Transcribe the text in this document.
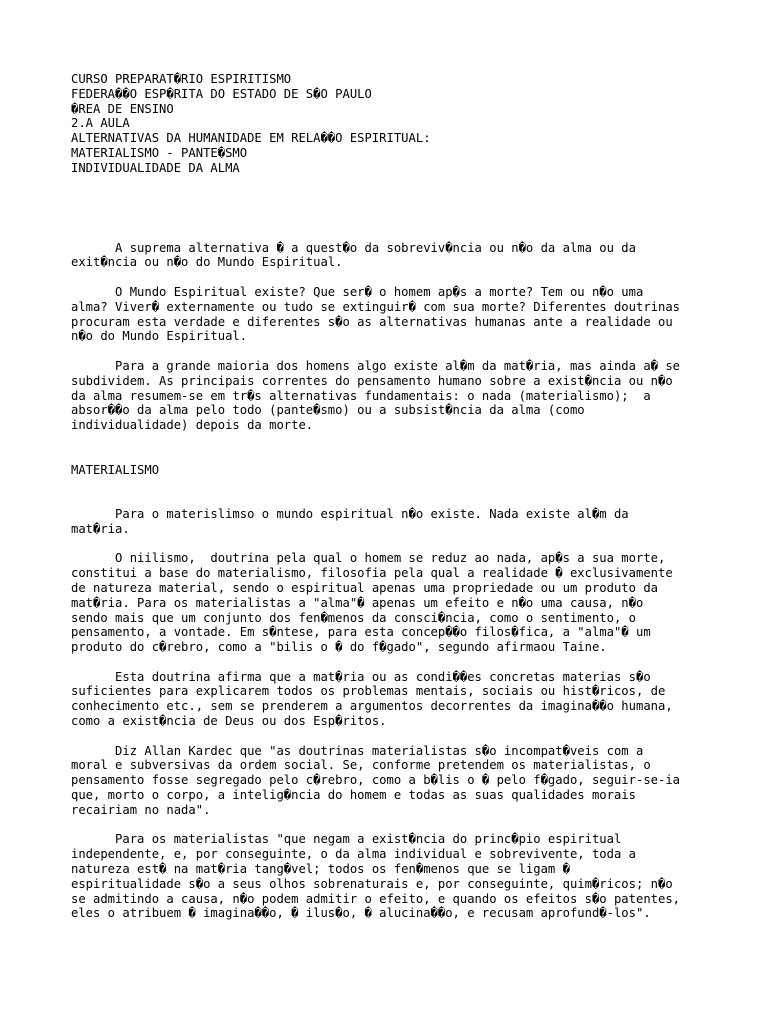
CURSO PREPARAT�RIO ESPIRITISMO
FEDERA��O ESP�RITA DO ESTADO DE S�O PAULO
�REA DE ENSINO
2.A AULA
ALTERNATIVAS DA HUMANIDADE EM RELA��O ESPIRITUAL:
MATERIALISMO - PANTE�SMO
INDIVIDUALIDADE DA ALMA
A suprema alternativa � a quest�o da sobreviv�ncia ou n�o da alma ou da
exit�ncia ou n�o do Mundo Espiritual.
O Mundo Espiritual existe? Que ser� o homem ap�s a morte? Tem ou n�o uma
alma? Viver� externamente ou tudo se extinguir� com sua morte? Diferentes doutrinas
procuram esta verdade e diferentes s�o as alternativas humanas ante a realidade ou
n�o do Mundo Espiritual.
Para a grande maioria dos homens algo existe al�m da mat�ria, mas ainda a� se
subdividem. As principais correntes do pensamento humano sobre a exist�ncia ou n�o
da alma resumem-se em tr�s alternativas fundamentais: o nada (materialismo);  a
absor��o da alma pelo todo (pante�smo) ou a subsist�ncia da alma (como
individualidade) depois da morte.
MATERIALISMO
Para o materislimso o mundo espiritual n�o existe. Nada existe al�m da
mat�ria.
O niilismo,  doutrina pela qual o homem se reduz ao nada, ap�s a sua morte,
constitui a base do materialismo, filosofia pela qual a realidade � exclusivamente
de natureza material, sendo o espiritual apenas uma propriedade ou um produto da
mat�ria. Para os materialistas a "alma"� apenas um efeito e n�o uma causa, n�o
sendo mais que um conjunto dos fen�menos da consci�ncia, como o sentimento, o
pensamento, a vontade. Em s�ntese, para esta concep��o filos�fica, a "alma"� um
produto do c�rebro, como a "bilis o � do f�gado", segundo afirmaou Taine.
Esta doutrina afirma que a mat�ria ou as condi��es concretas materias s�o
suficientes para explicarem todos os problemas mentais, sociais ou hist�ricos, de
conhecimento etc., sem se prenderem a argumentos decorrentes da imagina��o humana,
como a exist�ncia de Deus ou dos Esp�ritos.
Diz Allan Kardec que "as doutrinas materialistas s�o incompat�veis com a
moral e subversivas da ordem social. Se, conforme pretendem os materialistas, o
pensamento fosse segregado pelo c�rebro, como a b�lis o � pelo f�gado, seguir-se-ia
que, morto o corpo, a intelig�ncia do homem e todas as suas qualidades morais
recairiam no nada".
Para os materialistas "que negam a exist�ncia do princ�pio espiritual
independente, e, por conseguinte, o da alma individual e sobrevivente, toda a
natureza est� na mat�ria tang�vel; todos os fen�menos que se ligam �
espiritualidade s�o a seus olhos sobrenaturais e, por conseguinte, quim�ricos; n�o
se admitindo a causa, n�o podem admitir o efeito, e quando os efeitos s�o patentes,
eles o atribuem � imagina��o, � ilus�o, � alucina��o, e recusam aprofund�-los".
